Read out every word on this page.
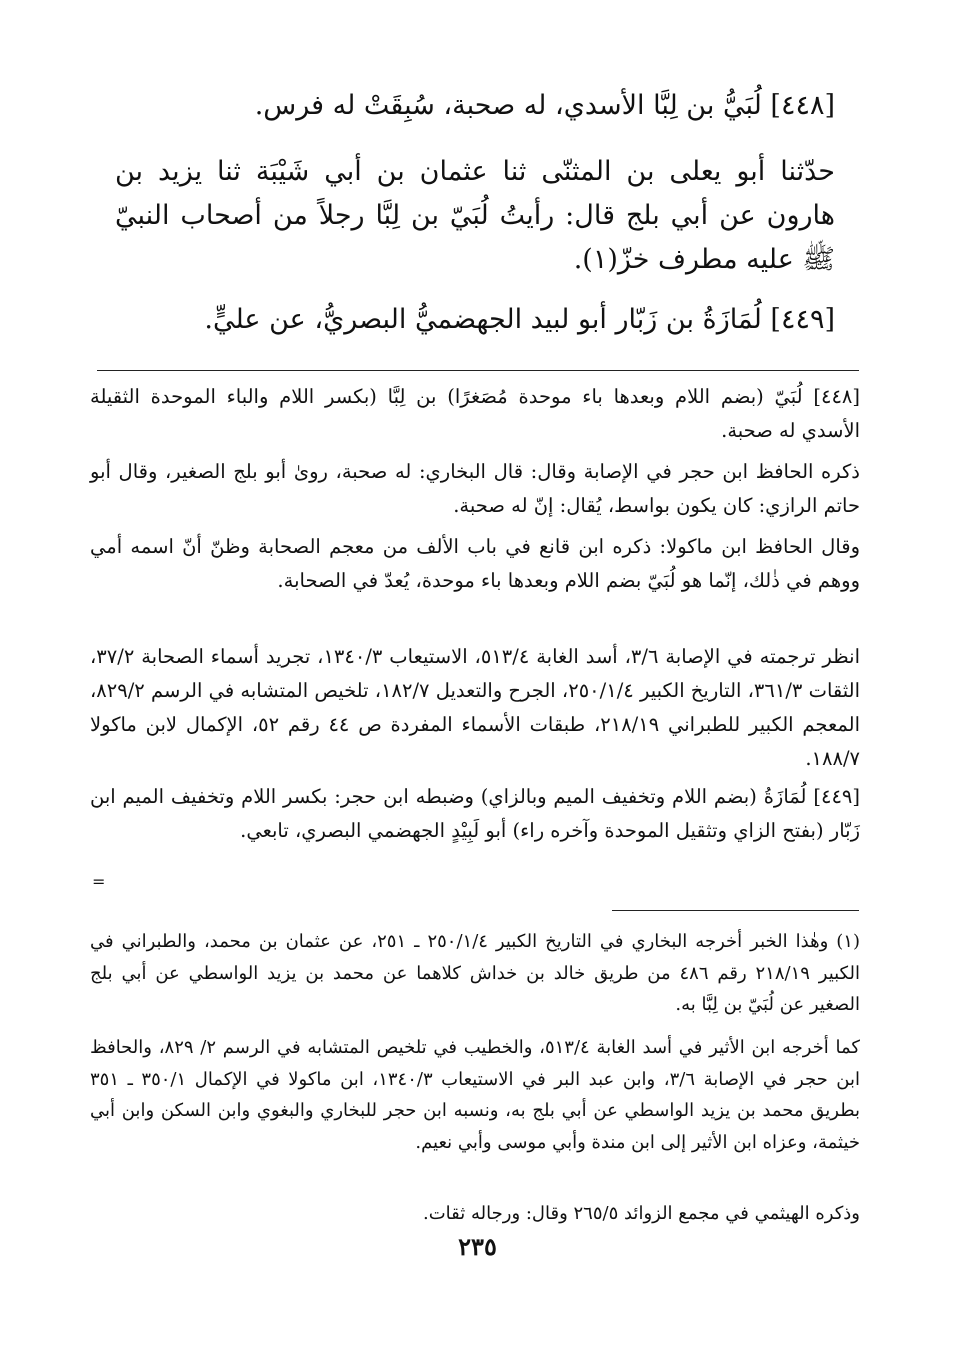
[٤٤٨] لُبَيُّ بن لِبَّا الأسدي، له صحبة، سُبِقَتْ له فرس.
حدّثنا أبو يعلى بن المثنّى ثنا عثمان بن أبي شَيْبَة ثنا يزيد بن هارون عن أبي بلج قال: رأيتُ لُبَيّ بن لِبَّا رجلاً من أصحاب النبيّ ﷺ عليه مطرف خزّ(١).
[٤٤٩] لُمَازَةُ بن زَبّار أبو لبيد الجهضميُّ البصريُّ، عن عليٍّ.
[٤٤٨] لُبَيّ (بضم اللام وبعدها باء موحدة مُصَغرًا) بن لِبَّا (بكسر اللام والباء الموحدة الثقيلة الأسدي له صحبة.
ذكره الحافظ ابن حجر في الإصابة وقال: قال البخاري: له صحبة، روىٰ أبو بلج الصغير، وقال أبو حاتم الرازي: كان يكون بواسط، يُقال: إنّ له صحبة.
وقال الحافظ ابن ماكولا: ذكره ابن قانع في باب الألف من معجم الصحابة وظنّ أنّ اسمه أمي ووهم في ذٰلك، إنّما هو لُبَيّ بضم اللام وبعدها باء موحدة، يُعدّ في الصحابة.
انظر ترجمته في الإصابة ٣/٦، أسد الغابة ٥١٣/٤، الاستيعاب ١٣٤٠/٣، تجريد أسماء الصحابة ٣٧/٢، الثقات ٣٦١/٣، التاريخ الكبير ٢٥٠/١/٤، الجرح والتعديل ١٨٢/٧، تلخيص المتشابه في الرسم ٨٢٩/٢، المعجم الكبير للطبراني ٢١٨/١٩، طبقات الأسماء المفردة ص ٤٤ رقم ٥٢، الإكمال لابن ماكولا ١٨٨/٧.
[٤٤٩] لُمَازَةُ (بضم اللام وتخفيف الميم وبالزاي) وضبطه ابن حجر: بكسر اللام وتخفيف الميم ابن زَبّار (بفتح الزاي وتثقيل الموحدة وآخره راء) أبو لَبِيْدٍ الجهضمي البصري، تابعي.
=
(١) وهٰذا الخبر أخرجه البخاري في التاريخ الكبير ٢٥٠/١/٤ ـ ٢٥١، عن عثمان بن محمد، والطبراني في الكبير ٢١٨/١٩ رقم ٤٨٦ من طريق خالد بن خداش كلاهما عن محمد بن يزيد الواسطي عن أبي بلج الصغير عن لُبَيّ بن لِبَّا به.
كما أخرجه ابن الأثير في أسد الغابة ٥١٣/٤، والخطيب في تلخيص المتشابه في الرسم ٢/ ٨٢٩، والحافظ ابن حجر في الإصابة ٣/٦، وابن عبد البر في الاستيعاب ١٣٤٠/٣، ابن ماكولا في الإكمال ٣٥٠/١ ـ ٣٥١ بطريق محمد بن يزيد الواسطي عن أبي بلج به، ونسبه ابن حجر للبخاري والبغوي وابن السكن وابن أبي خيثمة، وعزاه ابن الأثير إلى ابن مندة وأبي موسى وأبي نعيم.
وذكره الهيثمي في مجمع الزوائد ٢٦٥/٥ وقال: ورجاله ثقات.
٢٣٥
